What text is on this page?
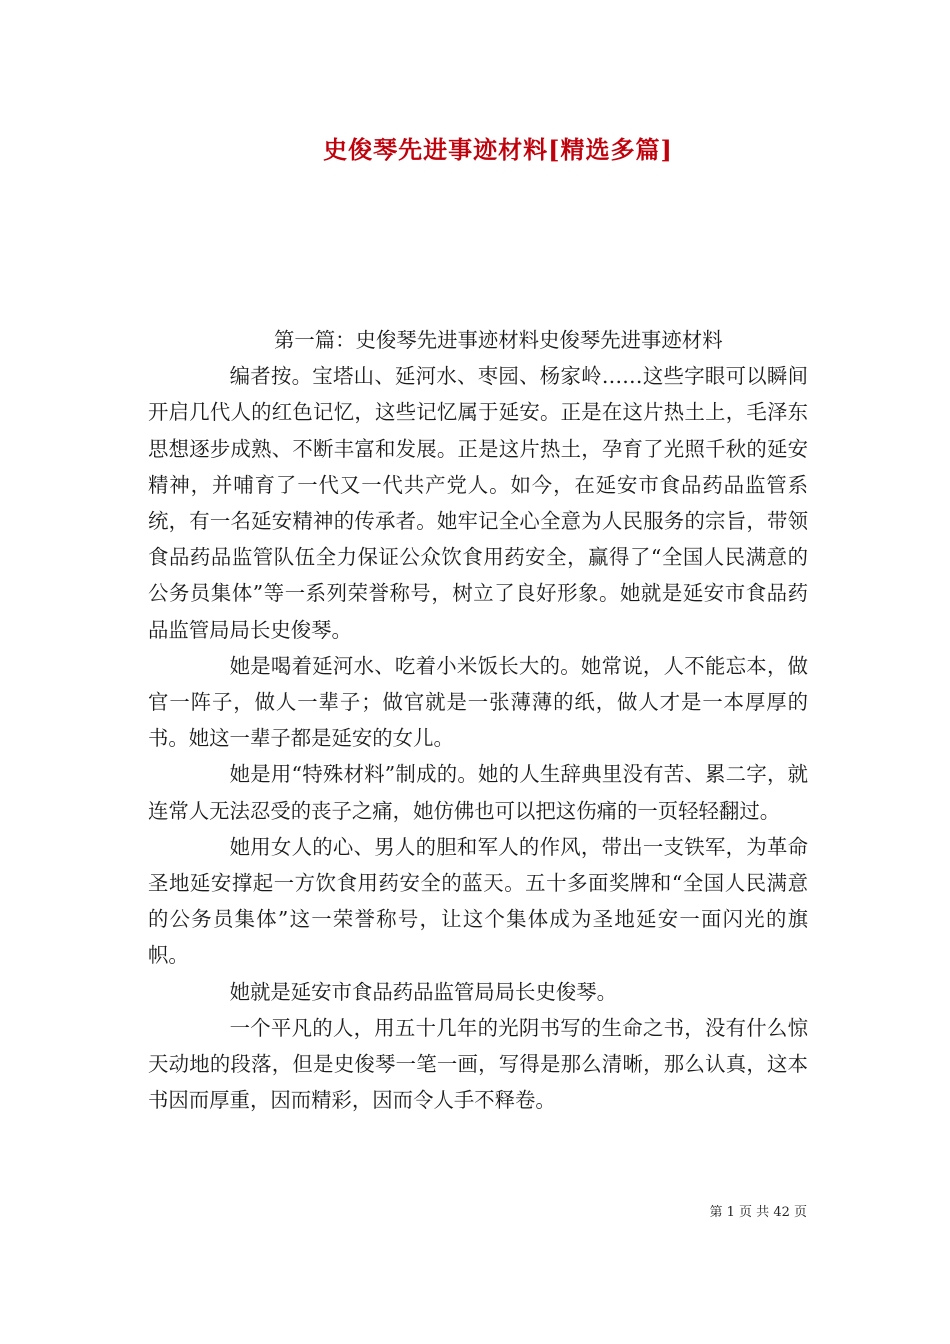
史俊琴先进事迹材料[精选多篇]

第一篇：史俊琴先进事迹材料史俊琴先进事迹材料

编者按。宝塔山、延河水、枣园、杨家岭……这些字眼可以瞬间开启几代人的红色记忆，这些记忆属于延安。正是在这片热土上，毛泽东思想逐步成熟、不断丰富和发展。正是这片热土，孕育了光照千秋的延安精神，并哺育了一代又一代共产党人。如今，在延安市食品药品监管系统，有一名延安精神的传承者。她牢记全心全意为人民服务的宗旨，带领食品药品监管队伍全力保证公众饮食用药安全，赢得了“全国人民满意的公务员集体”等一系列荣誉称号，树立了良好形象。她就是延安市食品药品监管局局长史俊琴。

她是喝着延河水、吃着小米饭长大的。她常说，人不能忘本，做官一阵子，做人一辈子；做官就是一张薄薄的纸，做人才是一本厚厚的书。她这一辈子都是延安的女儿。

她是用“特殊材料”制成的。她的人生辞典里没有苦、累二字，就连常人无法忍受的丧子之痛，她仿佛也可以把这伤痛的一页轻轻翻过。

她用女人的心、男人的胆和军人的作风，带出一支铁军，为革命圣地延安撑起一方饮食用药安全的蓝天。五十多面奖牌和“全国人民满意的公务员集体”这一荣誉称号，让这个集体成为圣地延安一面闪光的旗帜。

她就是延安市食品药品监管局局长史俊琴。

一个平凡的人，用五十几年的光阴书写的生命之书，没有什么惊天动地的段落，但是史俊琴一笔一画，写得是那么清晰，那么认真，这本书因而厚重，因而精彩，因而令人手不释卷。

第 1 页 共 42 页
